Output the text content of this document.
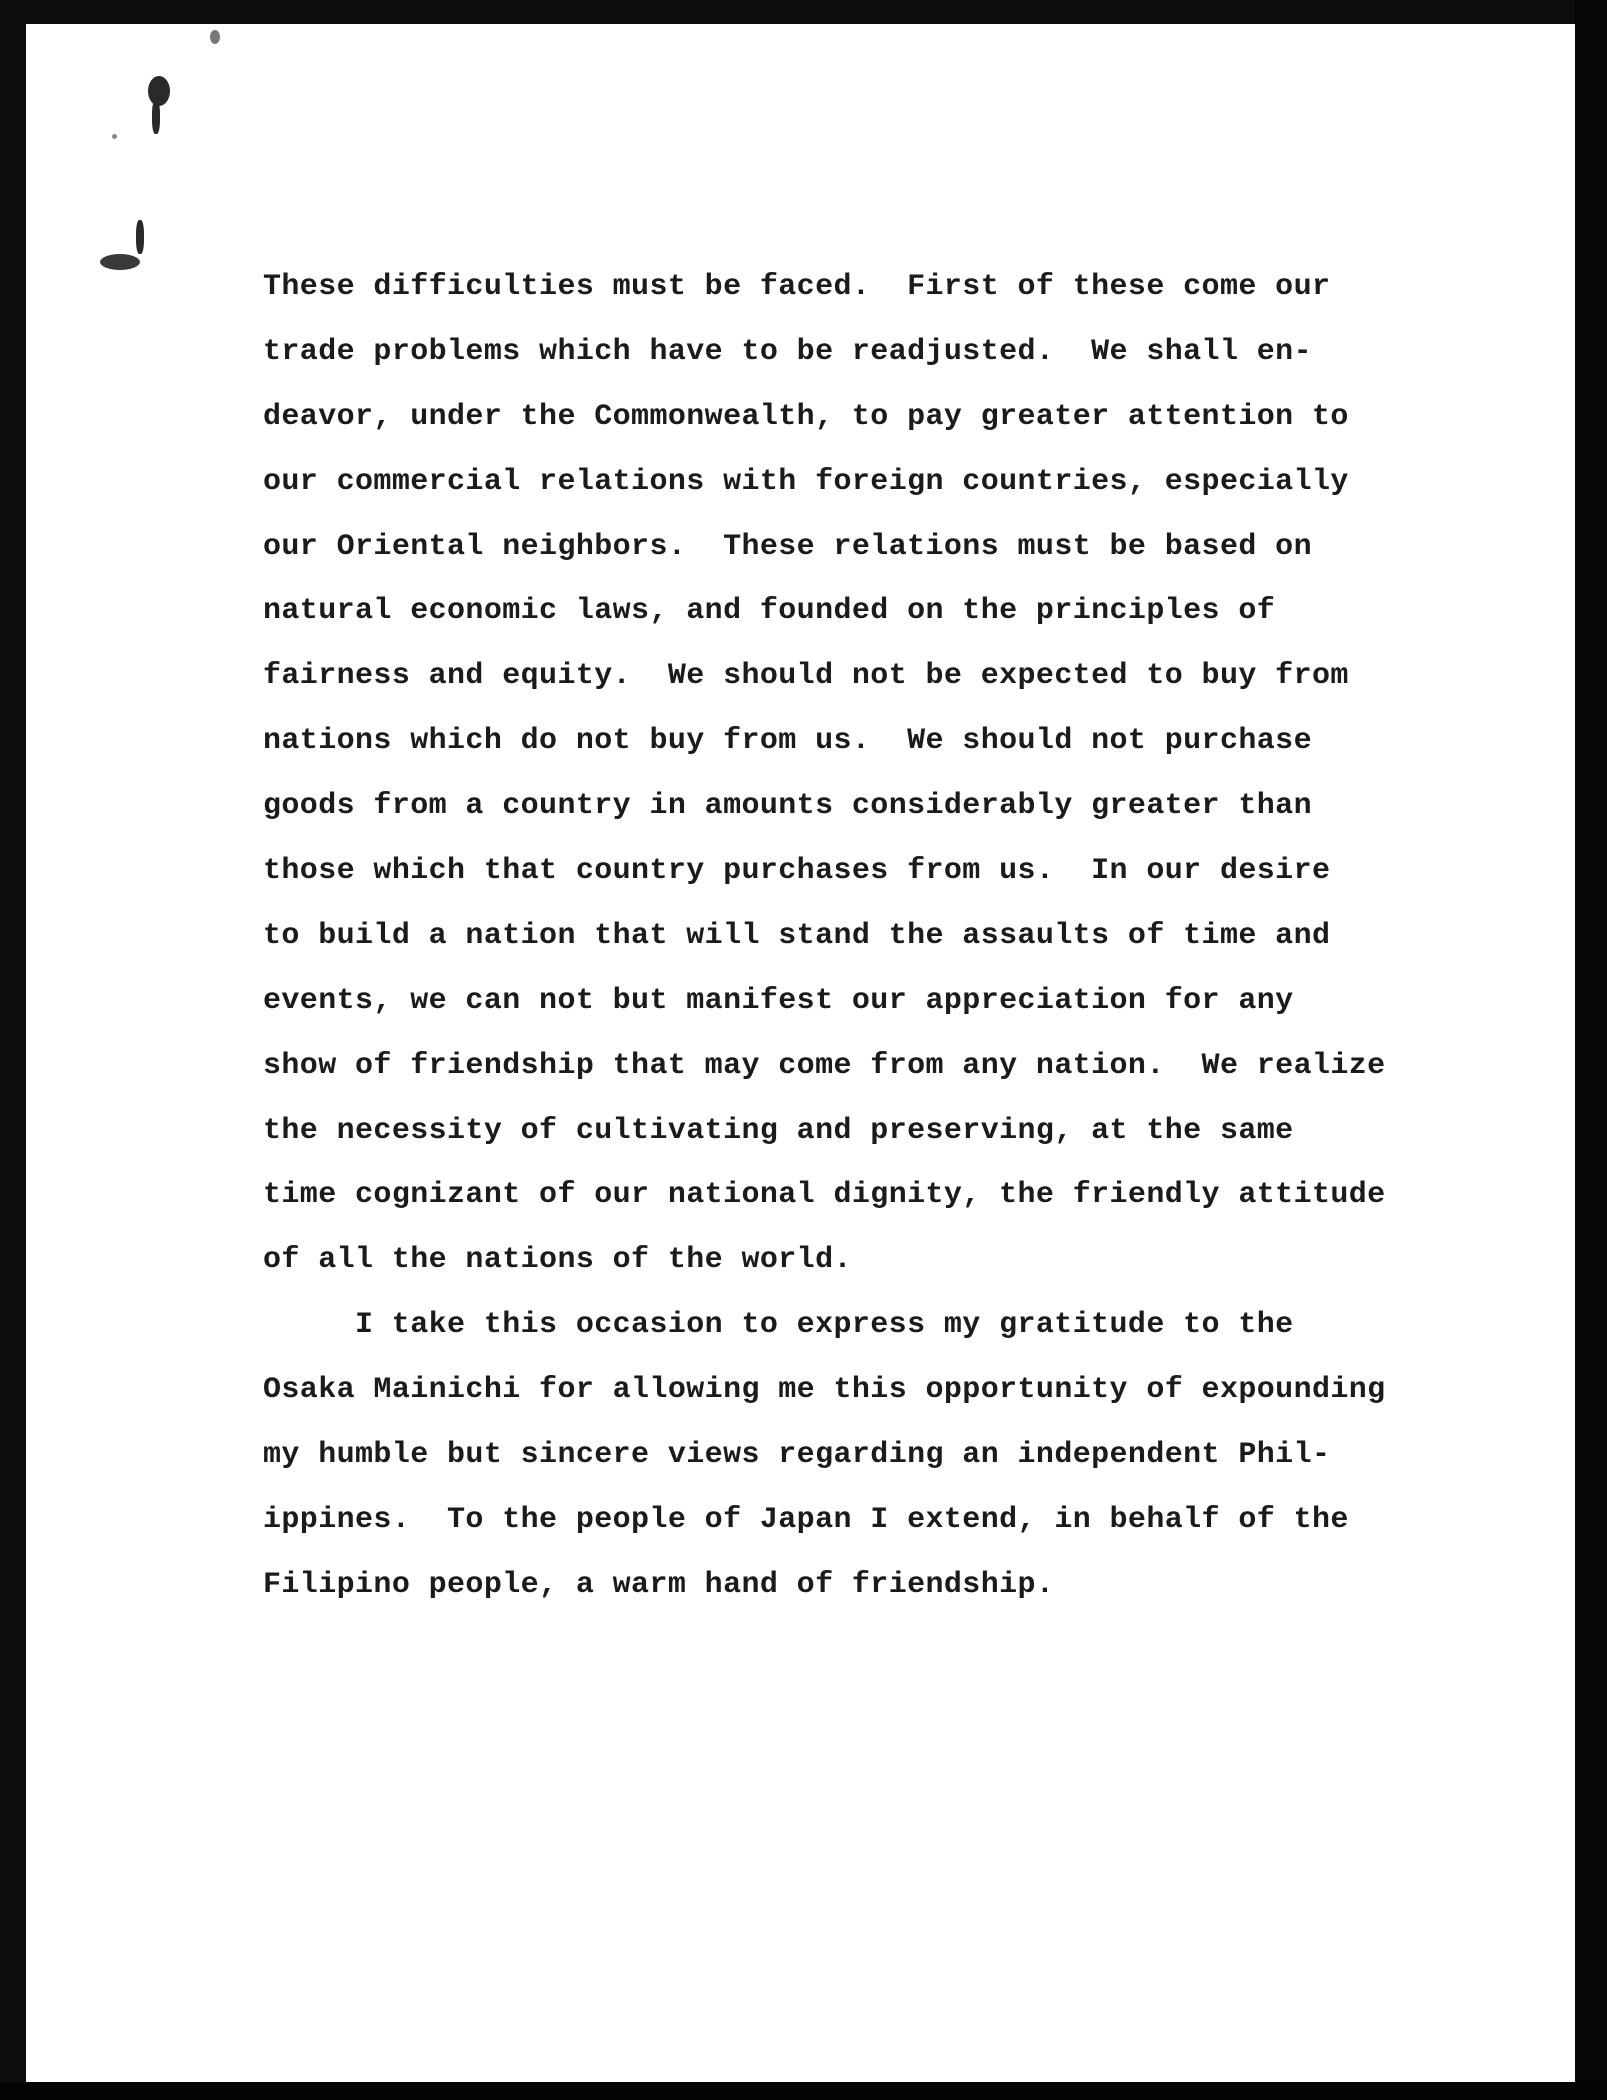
These difficulties must be faced.  First of these come our
trade problems which have to be readjusted.  We shall en-
deavor, under the Commonwealth, to pay greater attention to
our commercial relations with foreign countries, especially
our Oriental neighbors.  These relations must be based on
natural economic laws, and founded on the principles of
fairness and equity.  We should not be expected to buy from
nations which do not buy from us.  We should not purchase
goods from a country in amounts considerably greater than
those which that country purchases from us.  In our desire
to build a nation that will stand the assaults of time and
events, we can not but manifest our appreciation for any
show of friendship that may come from any nation.  We realize
the necessity of cultivating and preserving, at the same
time cognizant of our national dignity, the friendly attitude
of all the nations of the world.
I take this occasion to express my gratitude to the
Osaka Mainichi for allowing me this opportunity of expounding
my humble but sincere views regarding an independent Phil-
ippines.  To the people of Japan I extend, in behalf of the
Filipino people, a warm hand of friendship.
